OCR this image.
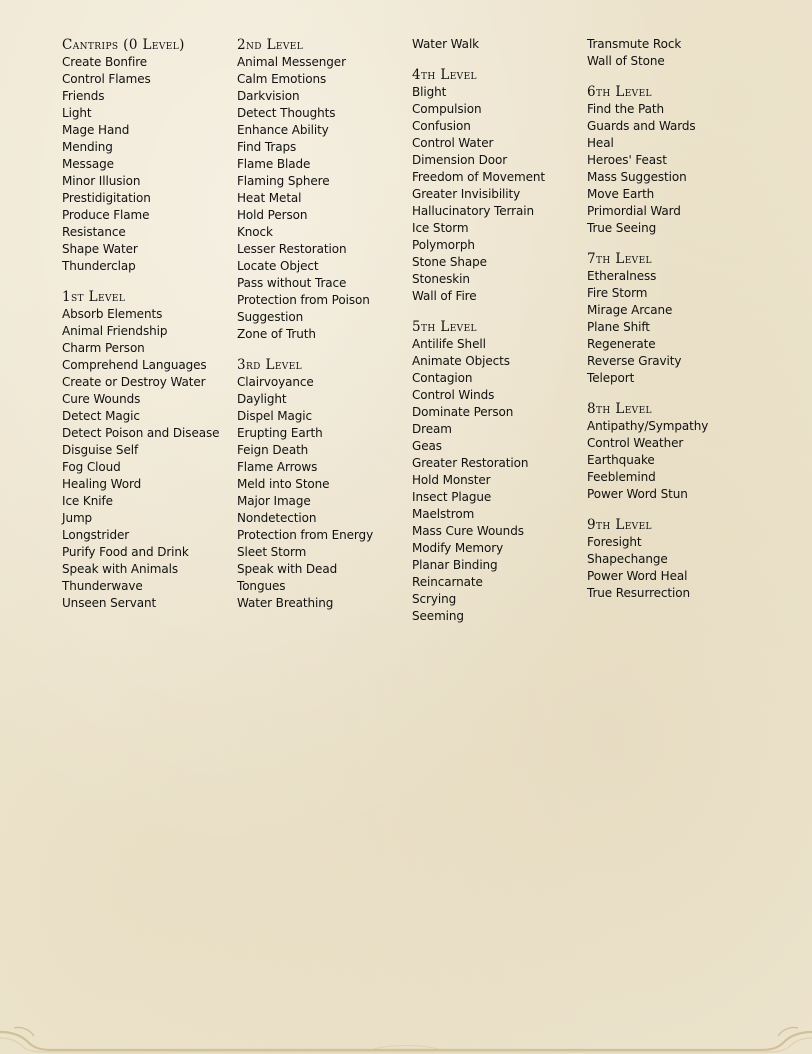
Cantrips (0 Level)
Create Bonfire
Control Flames
Friends
Light
Mage Hand
Mending
Message
Minor Illusion
Prestidigitation
Produce Flame
Resistance
Shape Water
Thunderclap
1st Level
Absorb Elements
Animal Friendship
Charm Person
Comprehend Languages
Create or Destroy Water
Cure Wounds
Detect Magic
Detect Poison and Disease
Disguise Self
Fog Cloud
Healing Word
Ice Knife
Jump
Longstrider
Purify Food and Drink
Speak with Animals
Thunderwave
Unseen Servant
2nd Level
Animal Messenger
Calm Emotions
Darkvision
Detect Thoughts
Enhance Ability
Find Traps
Flame Blade
Flaming Sphere
Heat Metal
Hold Person
Knock
Lesser Restoration
Locate Object
Pass without Trace
Protection from Poison
Suggestion
Zone of Truth
3rd Level
Clairvoyance
Daylight
Dispel Magic
Erupting Earth
Feign Death
Flame Arrows
Meld into Stone
Major Image
Nondetection
Protection from Energy
Sleet Storm
Speak with Dead
Tongues
Water Breathing
Water Walk
4th Level
Blight
Compulsion
Confusion
Control Water
Dimension Door
Freedom of Movement
Greater Invisibility
Hallucinatory Terrain
Ice Storm
Polymorph
Stone Shape
Stoneskin
Wall of Fire
5th Level
Antilife Shell
Animate Objects
Contagion
Control Winds
Dominate Person
Dream
Geas
Greater Restoration
Hold Monster
Insect Plague
Maelstrom
Mass Cure Wounds
Modify Memory
Planar Binding
Reincarnate
Scrying
Seeming
Transmute Rock
Wall of Stone
6th Level
Find the Path
Guards and Wards
Heal
Heroes' Feast
Mass Suggestion
Move Earth
Primordial Ward
True Seeing
7th Level
Etheralness
Fire Storm
Mirage Arcane
Plane Shift
Regenerate
Reverse Gravity
Teleport
8th Level
Antipathy/Sympathy
Control Weather
Earthquake
Feeblemind
Power Word Stun
9th Level
Foresight
Shapechange
Power Word Heal
True Resurrection
